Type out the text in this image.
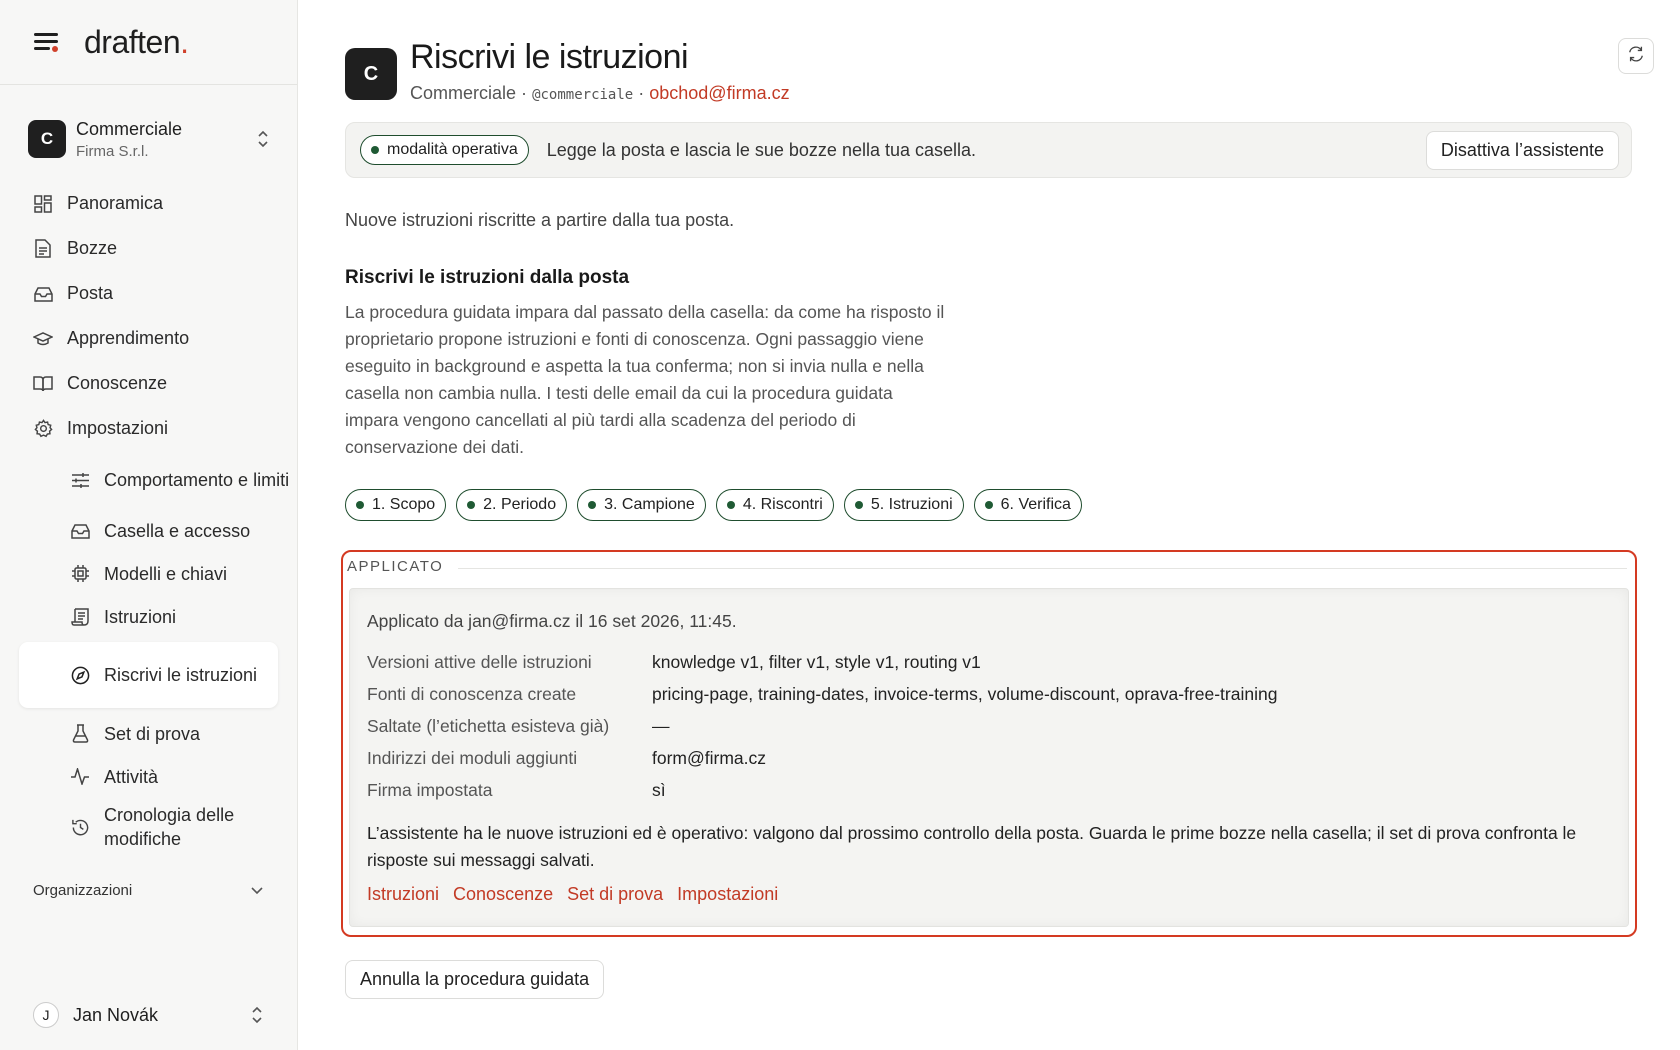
draften.
C	Commerciale
Firma S.r.l.
Panoramica
Bozze
Posta
Apprendimento
Conoscenze
Impostazioni
Comportamento e limiti
Casella e accesso
Modelli e chiavi
Istruzioni
Riscrivi le istruzioni
Set di prova
Attività
Cronologia delle modifiche
Organizzazioni
J	Jan Novák
C Riscrivi le istruzioni
Commerciale · @commerciale · obchod@firma.cz
modalità operativa Legge la posta e lascia le sue bozze nella tua casella.	Disattiva l’assistente
Nuove istruzioni riscritte a partire dalla tua posta.
Riscrivi le istruzioni dalla posta
La procedura guidata impara dal passato della casella: da come ha risposto il proprietario propone istruzioni e fonti di conoscenza. Ogni passaggio viene eseguito in background e aspetta la tua conferma; non si invia nulla e nella casella non cambia nulla. I testi delle email da cui la procedura guidata impara vengono cancellati al più tardi alla scadenza del periodo di conservazione dei dati.
1. Scopo	2. Periodo	3. Campione	4. Riscontri	5. Istruzioni	6. Verifica
APPLICATO
Applicato da jan@firma.cz il 16 set 2026, 11:45.
Versioni attive delle istruzioni	knowledge v1, filter v1, style v1, routing v1
Fonti di conoscenza create	pricing-page, training-dates, invoice-terms, volume-discount, oprava-free-training
Saltate (l’etichetta esisteva già)	—
Indirizzi dei moduli aggiunti	form@firma.cz
Firma impostata	sì
L’assistente ha le nuove istruzioni ed è operativo: valgono dal prossimo controllo della posta. Guarda le prime bozze nella casella; il set di prova confronta le risposte sui messaggi salvati.
Istruzioni Conoscenze Set di prova Impostazioni
Annulla la procedura guidata
